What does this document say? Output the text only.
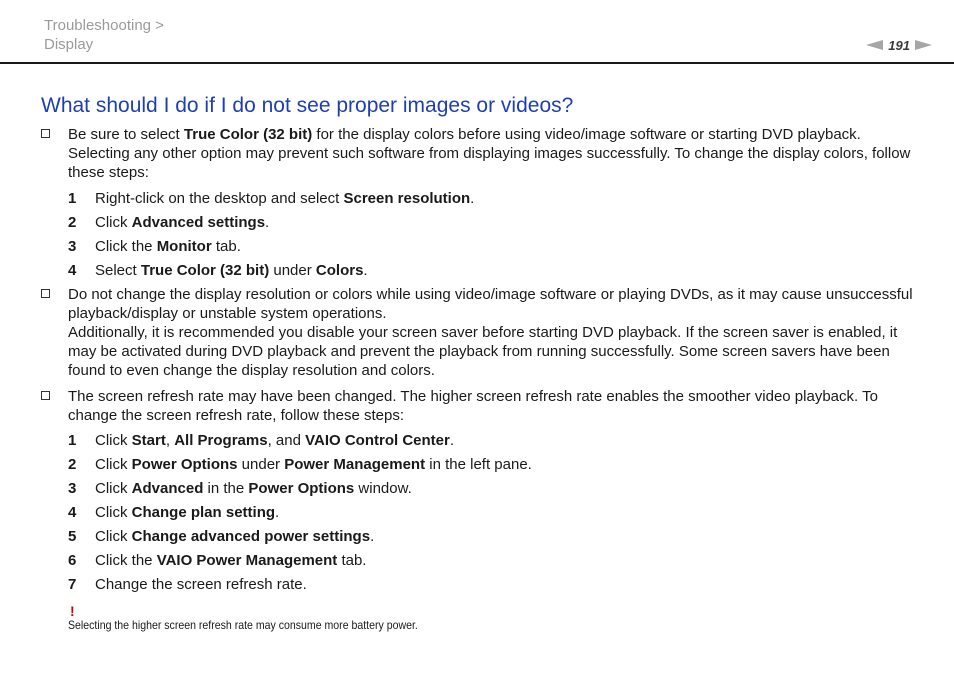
Troubleshooting >
Display	191
What should I do if I do not see proper images or videos?

Be sure to select True Color (32 bit) for the display colors before using video/image software or starting DVD playback. Selecting any other option may prevent such software from displaying images successfully. To change the display colors, follow these steps:

1 Right-click on the desktop and select Screen resolution.
2 Click Advanced settings.
3 Click the Monitor tab.
4 Select True Color (32 bit) under Colors.

Do not change the display resolution or colors while using video/image software or playing DVDs, as it may cause unsuccessful playback/display or unstable system operations.

Additionally, it is recommended you disable your screen saver before starting DVD playback. If the screen saver is enabled, it may be activated during DVD playback and prevent the playback from running successfully. Some screen savers have been found to even change the display resolution and colors.

The screen refresh rate may have been changed. The higher screen refresh rate enables the smoother video playback. To change the screen refresh rate, follow these steps:

1 Click Start, All Programs, and VAIO Control Center.
2 Click Power Options under Power Management in the left pane.
3 Click Advanced in the Power Options window.
4 Click Change plan setting.
5 Click Change advanced power settings.
6 Click the VAIO Power Management tab.
7 Change the screen refresh rate.
!
Selecting the higher screen refresh rate may consume more battery power.
